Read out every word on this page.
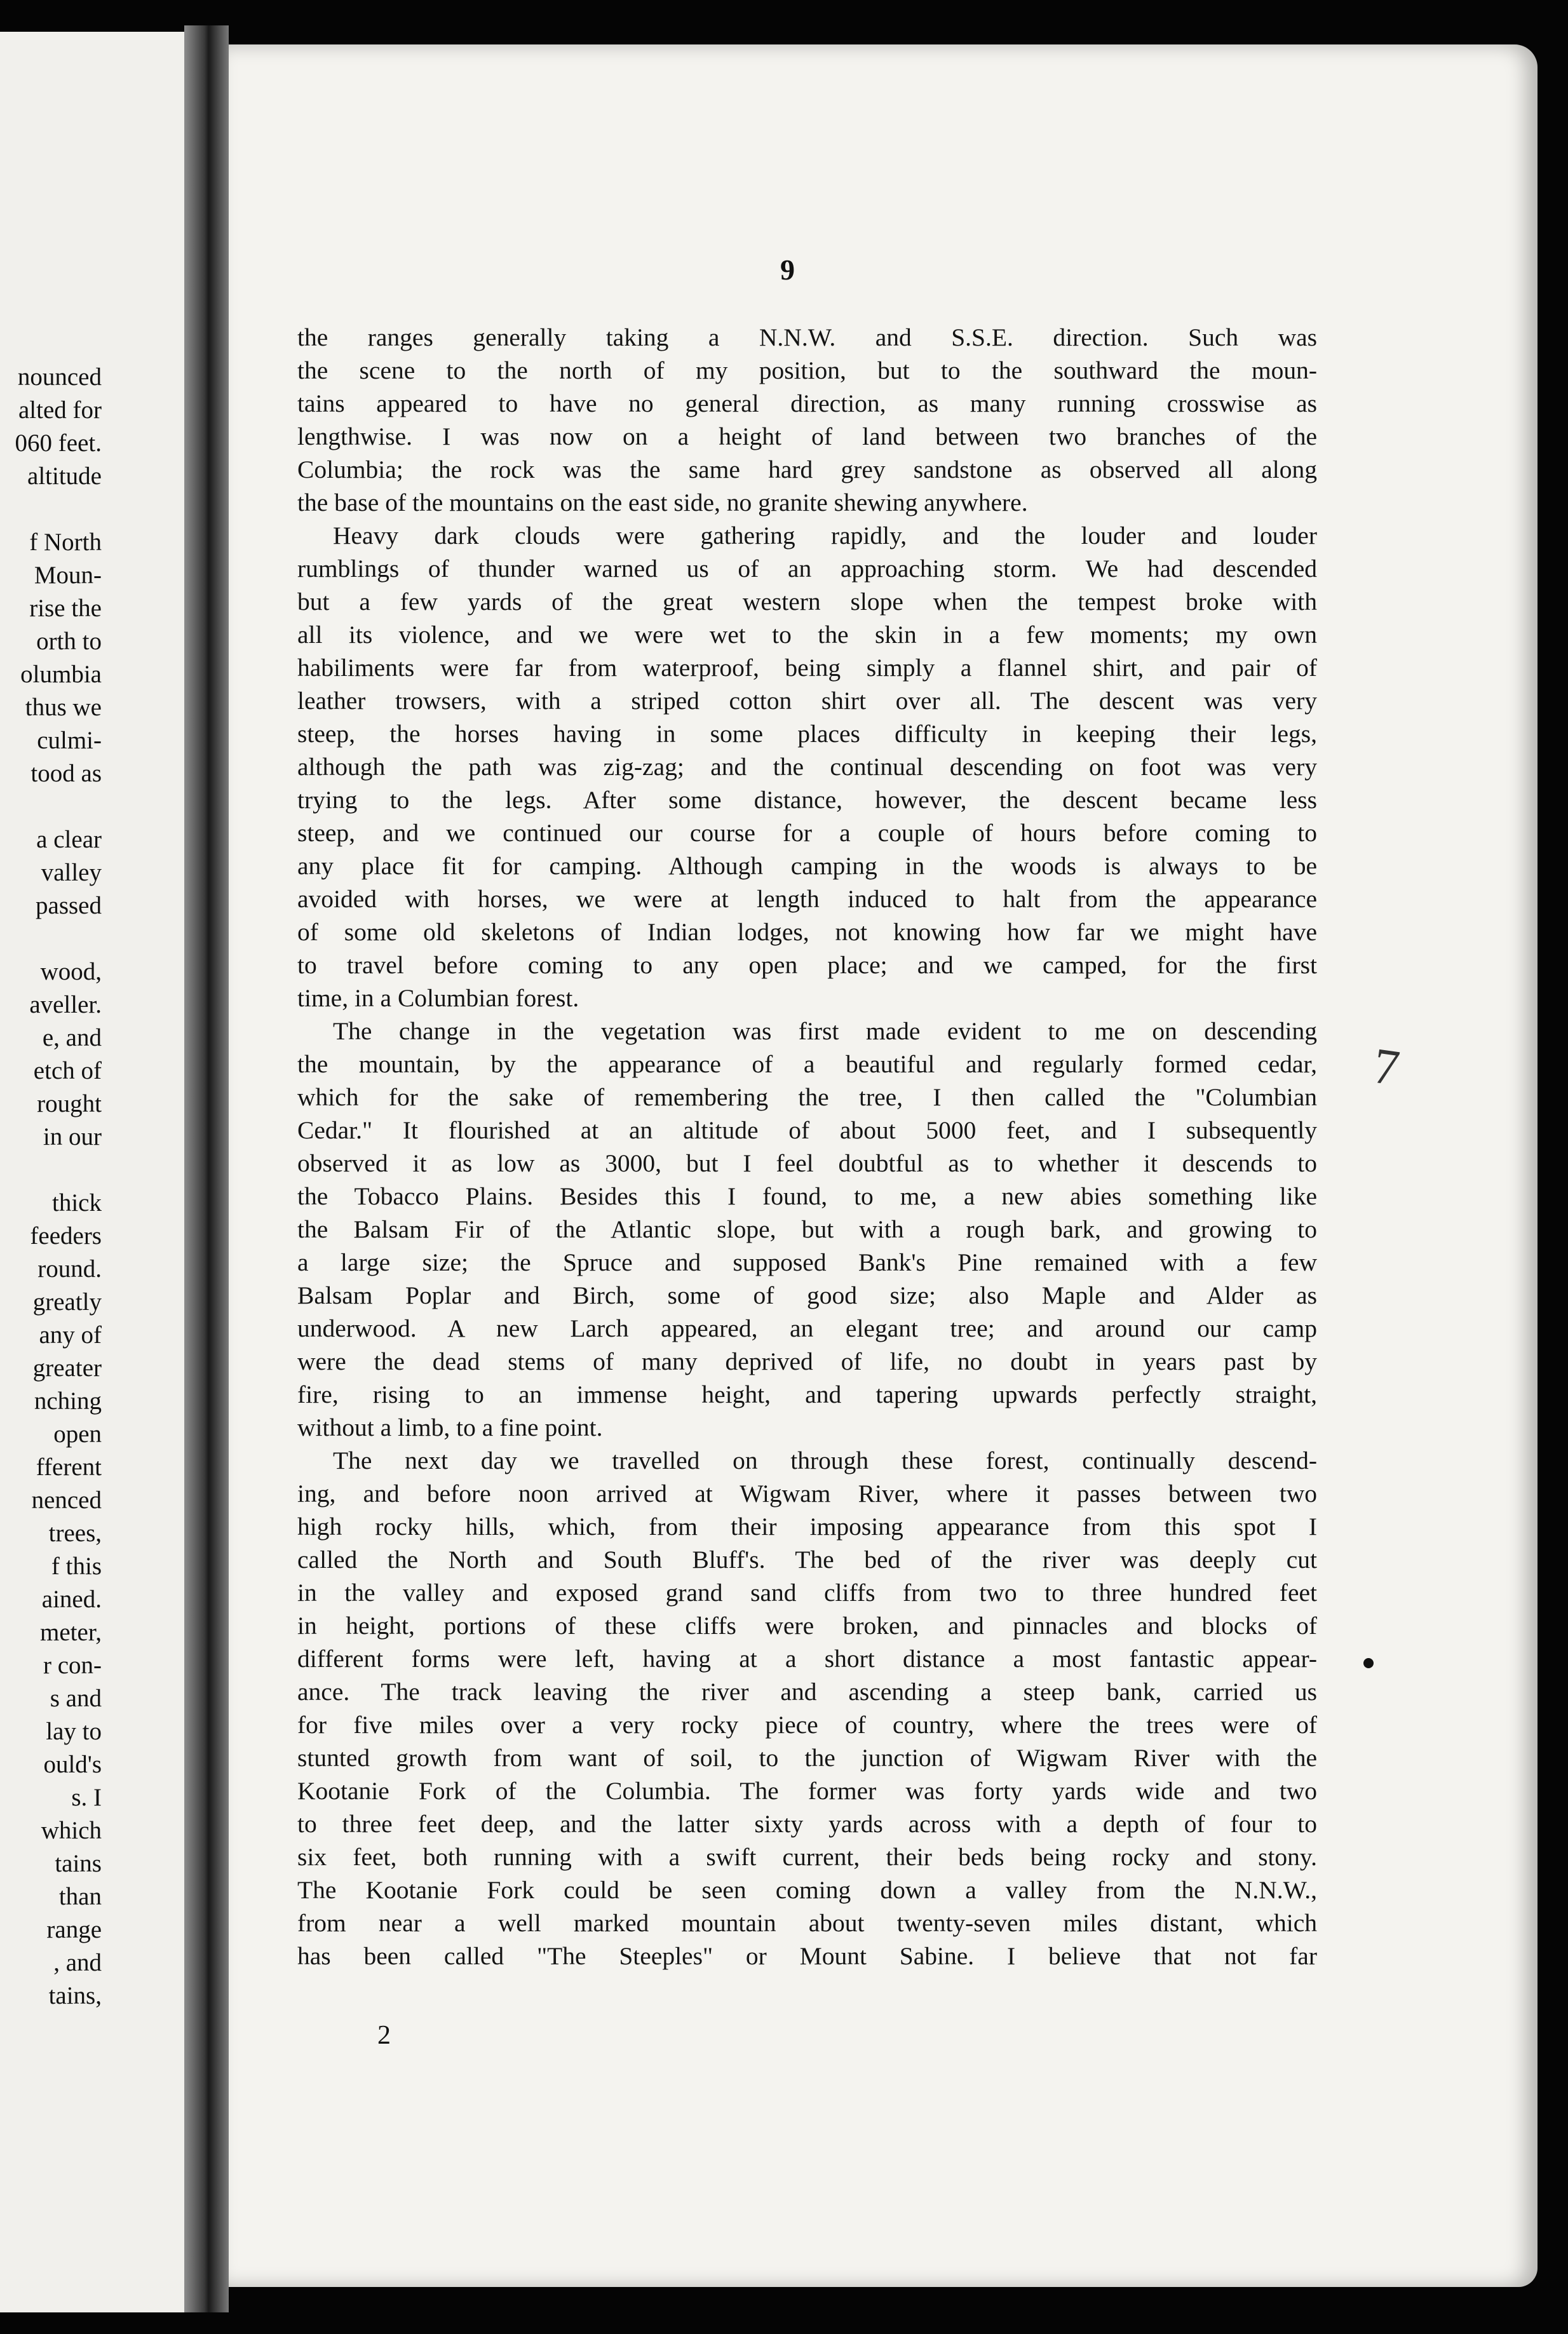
nounced
alted for
060 feet.
altitude
f North
Moun-
rise the
orth to
olumbia
thus we
culmi-
tood as
a clear
valley
passed
wood,
aveller.
e, and
etch of
rought
in our
thick
feeders
round.
greatly
any of
greater
nching
open
fferent
nenced
trees,
f this
ained.
meter,
r con-
s and
lay to
ould's
s. I
which
tains
than
range
, and
tains,
9
the ranges generally taking a N.N.W. and S.S.E. direction. Such was
the scene to the north of my position, but to the southward the moun-
tains appeared to have no general direction, as many running crosswise as
lengthwise. I was now on a height of land between two branches of the
Columbia; the rock was the same hard grey sandstone as observed all along
the base of the mountains on the east side, no granite shewing anywhere.
Heavy dark clouds were gathering rapidly, and the louder and louder
rumblings of thunder warned us of an approaching storm. We had descended
but a few yards of the great western slope when the tempest broke with
all its violence, and we were wet to the skin in a few moments; my own
habiliments were far from waterproof, being simply a flannel shirt, and pair of
leather trowsers, with a striped cotton shirt over all. The descent was very
steep, the horses having in some places difficulty in keeping their legs,
although the path was zig-zag; and the continual descending on foot was very
trying to the legs. After some distance, however, the descent became less
steep, and we continued our course for a couple of hours before coming to
any place fit for camping. Although camping in the woods is always to be
avoided with horses, we were at length induced to halt from the appearance
of some old skeletons of Indian lodges, not knowing how far we might have
to travel before coming to any open place; and we camped, for the first
time, in a Columbian forest.
The change in the vegetation was first made evident to me on descending
the mountain, by the appearance of a beautiful and regularly formed cedar,
which for the sake of remembering the tree, I then called the "Columbian
Cedar." It flourished at an altitude of about 5000 feet, and I subsequently
observed it as low as 3000, but I feel doubtful as to whether it descends to
the Tobacco Plains. Besides this I found, to me, a new abies something like
the Balsam Fir of the Atlantic slope, but with a rough bark, and growing to
a large size; the Spruce and supposed Bank's Pine remained with a few
Balsam Poplar and Birch, some of good size; also Maple and Alder as
underwood. A new Larch appeared, an elegant tree; and around our camp
were the dead stems of many deprived of life, no doubt in years past by
fire, rising to an immense height, and tapering upwards perfectly straight,
without a limb, to a fine point.
The next day we travelled on through these forest, continually descend-
ing, and before noon arrived at Wigwam River, where it passes between two
high rocky hills, which, from their imposing appearance from this spot I
called the North and South Bluff's. The bed of the river was deeply cut
in the valley and exposed grand sand cliffs from two to three hundred feet
in height, portions of these cliffs were broken, and pinnacles and blocks of
different forms were left, having at a short distance a most fantastic appear-
ance. The track leaving the river and ascending a steep bank, carried us
for five miles over a very rocky piece of country, where the trees were of
stunted growth from want of soil, to the junction of Wigwam River with the
Kootanie Fork of the Columbia. The former was forty yards wide and two
to three feet deep, and the latter sixty yards across with a depth of four to
six feet, both running with a swift current, their beds being rocky and stony.
The Kootanie Fork could be seen coming down a valley from the N.N.W.,
from near a well marked mountain about twenty-seven miles distant, which
has been called "The Steeples" or Mount Sabine. I believe that not far
2
7
